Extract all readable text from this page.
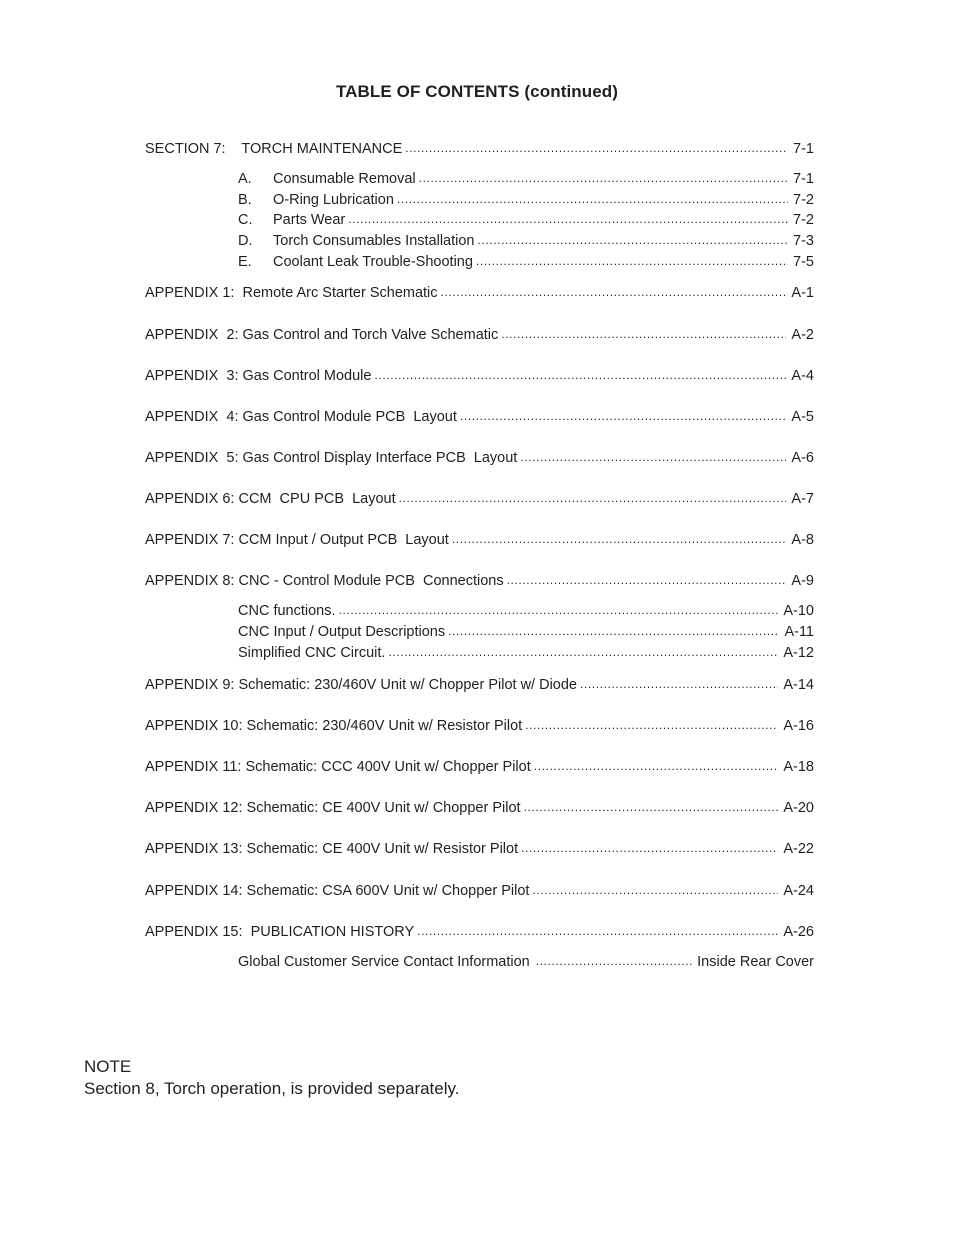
TABLE OF CONTENTS (continued)
SECTION 7:    TORCH MAINTENANCE .....	7-1
A.	Consumable Removal .....	7-1
B.	O-Ring Lubrication .....	7-2
C.	Parts Wear .....	7-2
D.	Torch Consumables Installation .....	7-3
E.	Coolant Leak Trouble-Shooting .....	7-5
APPENDIX 1:  Remote Arc Starter Schematic .....	A-1
APPENDIX  2: Gas Control and Torch Valve Schematic .....	A-2
APPENDIX  3: Gas Control Module .....	A-4
APPENDIX  4: Gas Control Module PCB  Layout .....	A-5
APPENDIX  5: Gas Control Display Interface PCB  Layout .....	A-6
APPENDIX 6: CCM  CPU PCB  Layout .....	A-7
APPENDIX 7: CCM Input / Output PCB  Layout .....	A-8
APPENDIX 8: CNC - Control Module PCB  Connections .....	A-9
CNC functions. .....	A-10
CNC Input / Output Descriptions .....	A-11
Simplified CNC Circuit. .....	A-12
APPENDIX 9: Schematic: 230/460V Unit w/ Chopper Pilot w/ Diode .....	A-14
APPENDIX 10: Schematic: 230/460V Unit w/ Resistor Pilot .....	A-16
APPENDIX 11: Schematic: CCC 400V Unit w/ Chopper Pilot .....	A-18
APPENDIX 12: Schematic: CE 400V Unit w/ Chopper Pilot .....	A-20
APPENDIX 13: Schematic: CE 400V Unit w/ Resistor Pilot .....	A-22
APPENDIX 14: Schematic: CSA 600V Unit w/ Chopper Pilot .....	A-24
APPENDIX 15:  PUBLICATION HISTORY .....	A-26
Global Customer Service Contact Information .....	Inside Rear Cover
NOTE
Section 8, Torch operation, is provided separately.
